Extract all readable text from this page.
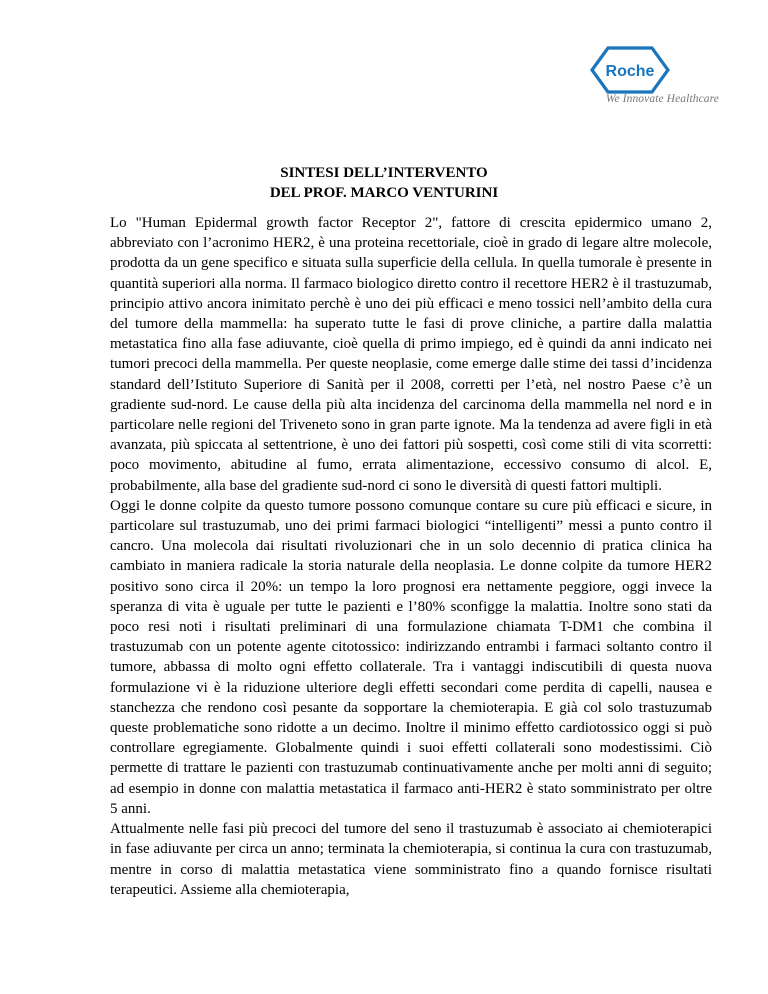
Roche
We Innovate Healthcare
SINTESI DELL’INTERVENTO
DEL PROF. MARCO VENTURINI

Lo "Human Epidermal growth factor Receptor 2", fattore di crescita epidermico umano 2, abbreviato con l’acronimo HER2, è una proteina recettoriale, cioè in grado di legare altre molecole, prodotta da un gene specifico e situata sulla superficie della cellula. In quella tumorale è presente in quantità superiori alla norma. Il farmaco biologico diretto contro il recettore HER2 è il trastuzumab, principio attivo ancora inimitato perchè è uno dei più efficaci e meno tossici nell’ambito della cura del tumore della mammella: ha superato tutte le fasi di prove cliniche, a partire dalla malattia metastatica fino alla fase adiuvante, cioè quella di primo impiego, ed è quindi da anni indicato nei tumori precoci della mammella. Per queste neoplasie, come emerge dalle stime dei tassi d’incidenza standard dell’Istituto Superiore di Sanità per il 2008, corretti per l’età, nel nostro Paese c’è un gradiente sud-nord. Le cause della più alta incidenza del carcinoma della mammella nel nord e in particolare nelle regioni del Triveneto sono in gran parte ignote. Ma la tendenza ad avere figli in età avanzata, più spiccata al settentrione, è uno dei fattori più sospetti, così come stili di vita scorretti: poco movimento, abitudine al fumo, errata alimentazione, eccessivo consumo di alcol. E, probabilmente, alla base del gradiente sud-nord ci sono le diversità di questi fattori multipli.

Oggi le donne colpite da questo tumore possono comunque contare su cure più efficaci e sicure, in particolare sul trastuzumab, uno dei primi farmaci biologici “intelligenti” messi a punto contro il cancro. Una molecola dai risultati rivoluzionari che in un solo decennio di pratica clinica ha cambiato in maniera radicale la storia naturale della neoplasia. Le donne colpite da tumore HER2 positivo sono circa il 20%: un tempo la loro prognosi era nettamente peggiore, oggi invece la speranza di vita è uguale per tutte le pazienti e l’80% sconfigge la malattia. Inoltre sono stati da poco resi noti i risultati preliminari di una formulazione chiamata T-DM1 che combina il trastuzumab con un potente agente citotossico: indirizzando entrambi i farmaci soltanto contro il tumore, abbassa di molto ogni effetto collaterale. Tra i vantaggi indiscutibili di questa nuova formulazione vi è la riduzione ulteriore degli effetti secondari come perdita di capelli, nausea e stanchezza che rendono così pesante da sopportare la chemioterapia. E già col solo trastuzumab queste problematiche sono ridotte a un decimo. Inoltre il minimo effetto cardiotossico oggi si può controllare egregiamente. Globalmente quindi i suoi effetti collaterali sono modestissimi. Ciò permette di trattare le pazienti con trastuzumab continuativamente anche per molti anni di seguito; ad esempio in donne con malattia metastatica il farmaco anti-HER2 è stato somministrato per oltre 5 anni.

Attualmente nelle fasi più precoci del tumore del seno il trastuzumab è associato ai chemioterapici in fase adiuvante per circa un anno; terminata la chemioterapia, si continua la cura con trastuzumab, mentre in corso di malattia metastatica viene somministrato fino a quando fornisce risultati terapeutici. Assieme alla chemioterapia,
